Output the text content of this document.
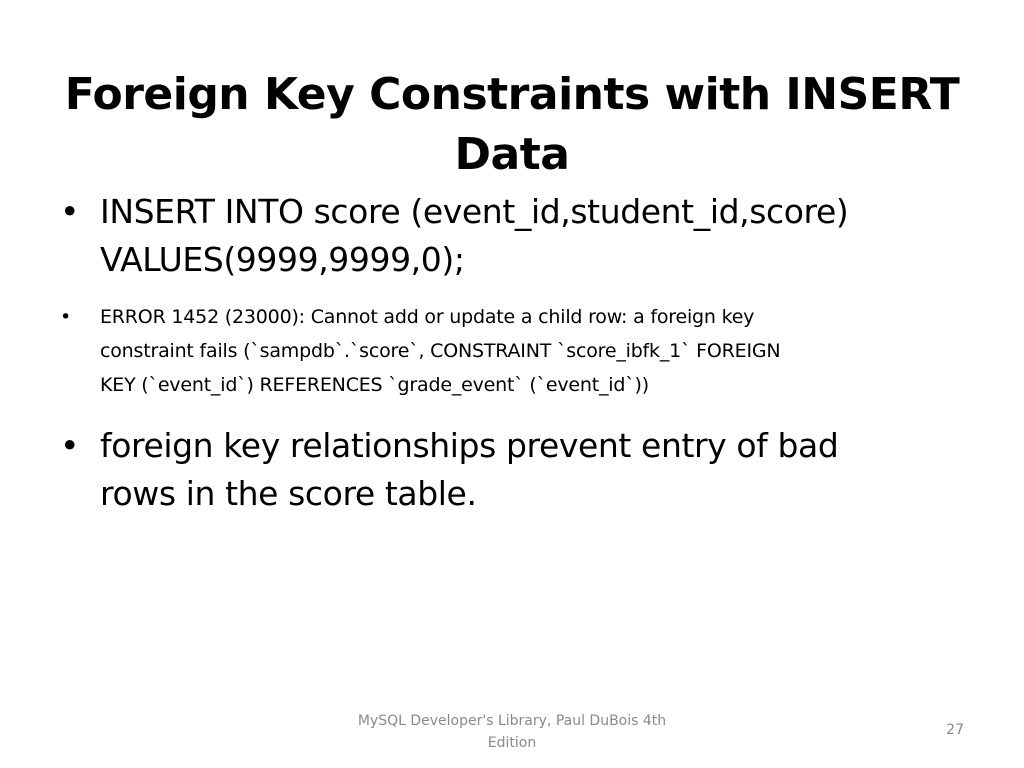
Foreign Key Constraints with INSERT
Data
• INSERT INTO score (event_id,student_id,score)
VALUES(9999,9999,0);
• ERROR 1452 (23000): Cannot add or update a child row: a foreign key
constraint fails (`sampdb`.`score`, CONSTRAINT `score_ibfk_1` FOREIGN
KEY (`event_id`) REFERENCES `grade_event` (`event_id`))
• foreign key relationships prevent entry of bad
rows in the score table.
MySQL Developer's Library, Paul DuBois 4th
Edition
27
